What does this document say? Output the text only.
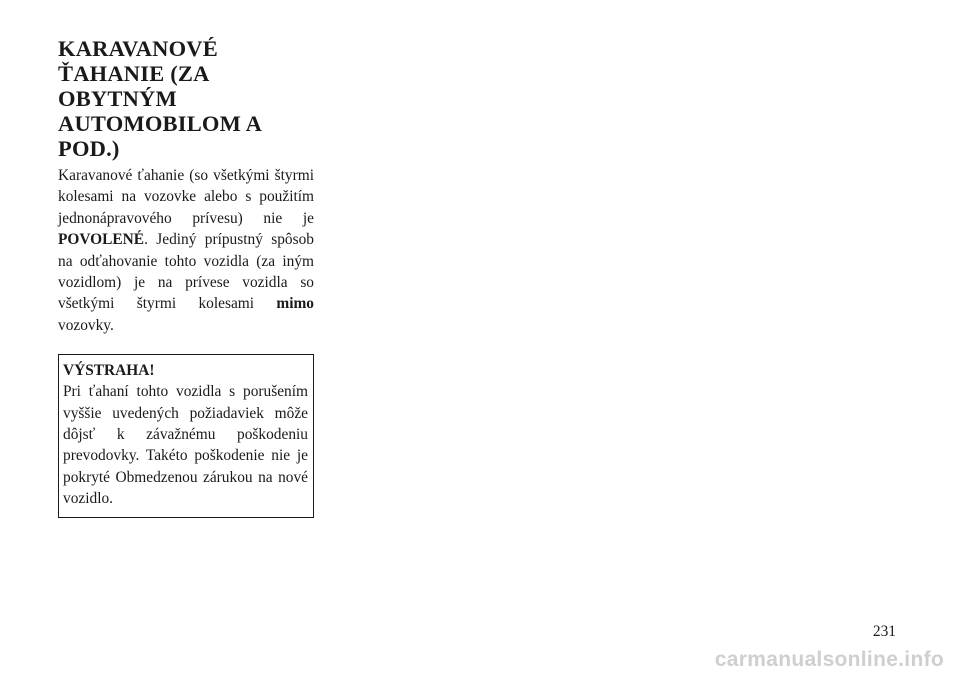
KARAVANOVÉ
ŤAHANIE (ZA
OBYTNÝM
AUTOMOBILOM A
POD.)

Karavanové ťahanie (so všetkými štyrmi kolesami na vozovke alebo s použitím jednonápravového prívesu) nie je POVOLENÉ. Jediný prípustný spôsob na odťahovanie tohto vozidla (za iným vozidlom) je na prívese vozidla so všetkými štyrmi kolesami mimo vozovky.

VÝSTRAHA!

Pri ťahaní tohto vozidla s porušením vyššie uvedených požiadaviek môže dôjsť k závažnému poškodeniu prevodovky. Takéto poškodenie nie je pokryté Obmedzenou zárukou na nové vozidlo.

231
carmanualsonline.info
